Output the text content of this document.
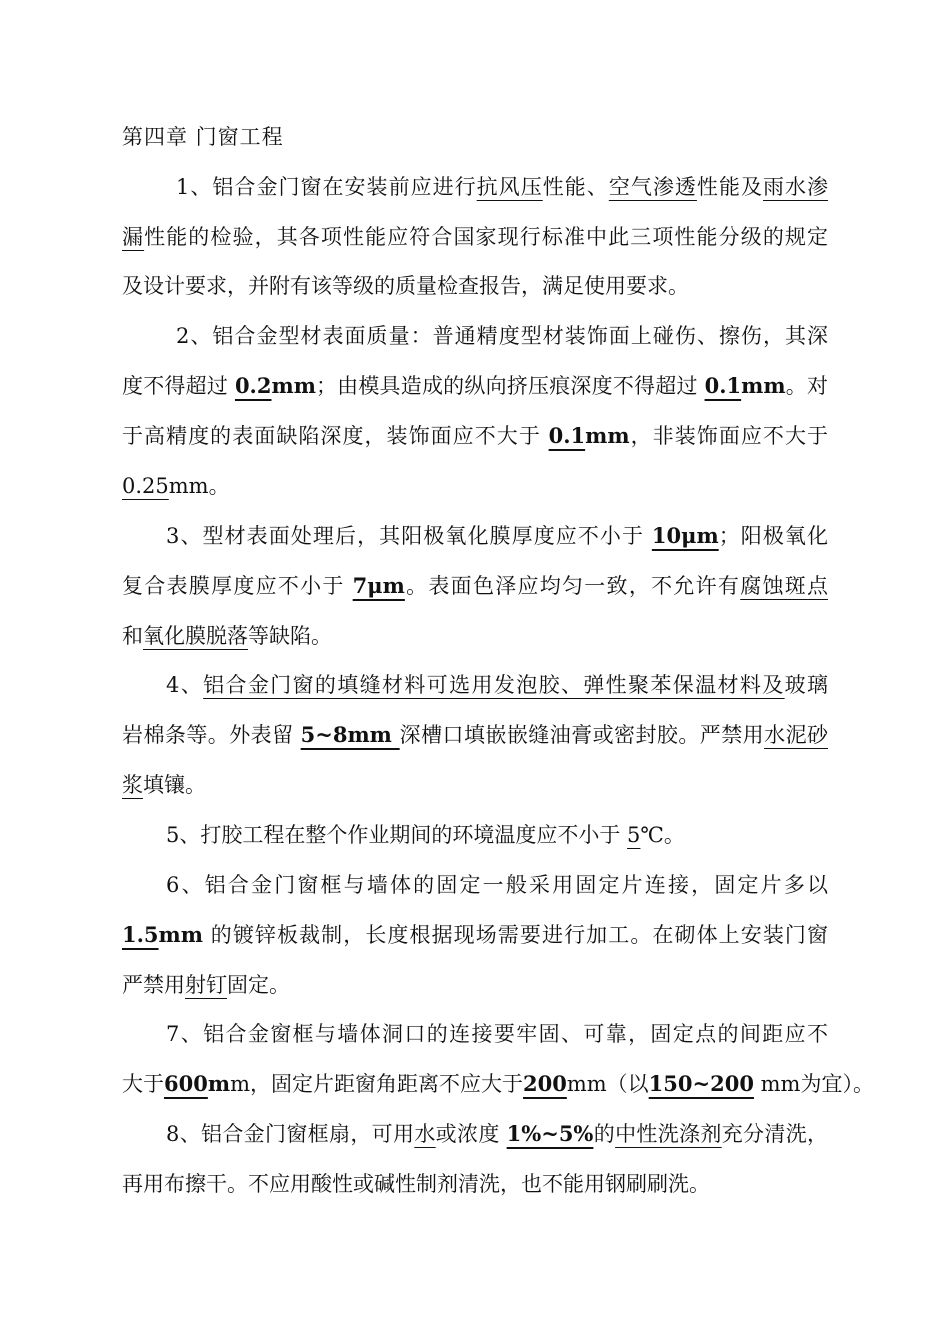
第四章 门窗工程
1、铝合金门窗在安装前应进行抗风压性能、空气渗透性能及雨水渗
漏性能的检验，其各项性能应符合国家现行标准中此三项性能分级的规定
及设计要求，并附有该等级的质量检查报告，满足使用要求。
2、铝合金型材表面质量：普通精度型材装饰面上碰伤、擦伤，其深
度不得超过 0.2mm；由模具造成的纵向挤压痕深度不得超过 0.1mm。对
于高精度的表面缺陷深度，装饰面应不大于 0.1mm，非装饰面应不大于
0.25mm。
3、型材表面处理后，其阳极氧化膜厚度应不小于 10μm；阳极氧化
复合表膜厚度应不小于 7μm。表面色泽应均匀一致，不允许有腐蚀斑点
和氧化膜脱落等缺陷。
4、铝合金门窗的填缝材料可选用发泡胶、弹性聚苯保温材料及玻璃
岩棉条等。外表留 5~8mm 深槽口填嵌嵌缝油膏或密封胶。严禁用水泥砂
浆填镶。
5、打胶工程在整个作业期间的环境温度应不小于 5℃。
6、铝合金门窗框与墙体的固定一般采用固定片连接，固定片多以
1.5mm 的镀锌板裁制，长度根据现场需要进行加工。在砌体上安装门窗
严禁用射钉固定。
7、铝合金窗框与墙体洞口的连接要牢固、可靠，固定点的间距应不
大于600mm，固定片距窗角距离不应大于200mm（以150~200 mm为宜）。
8、铝合金门窗框扇，可用水或浓度 1%~5%的中性洗涤剂充分清洗，
再用布擦干。不应用酸性或碱性制剂清洗，也不能用钢刷刷洗。
